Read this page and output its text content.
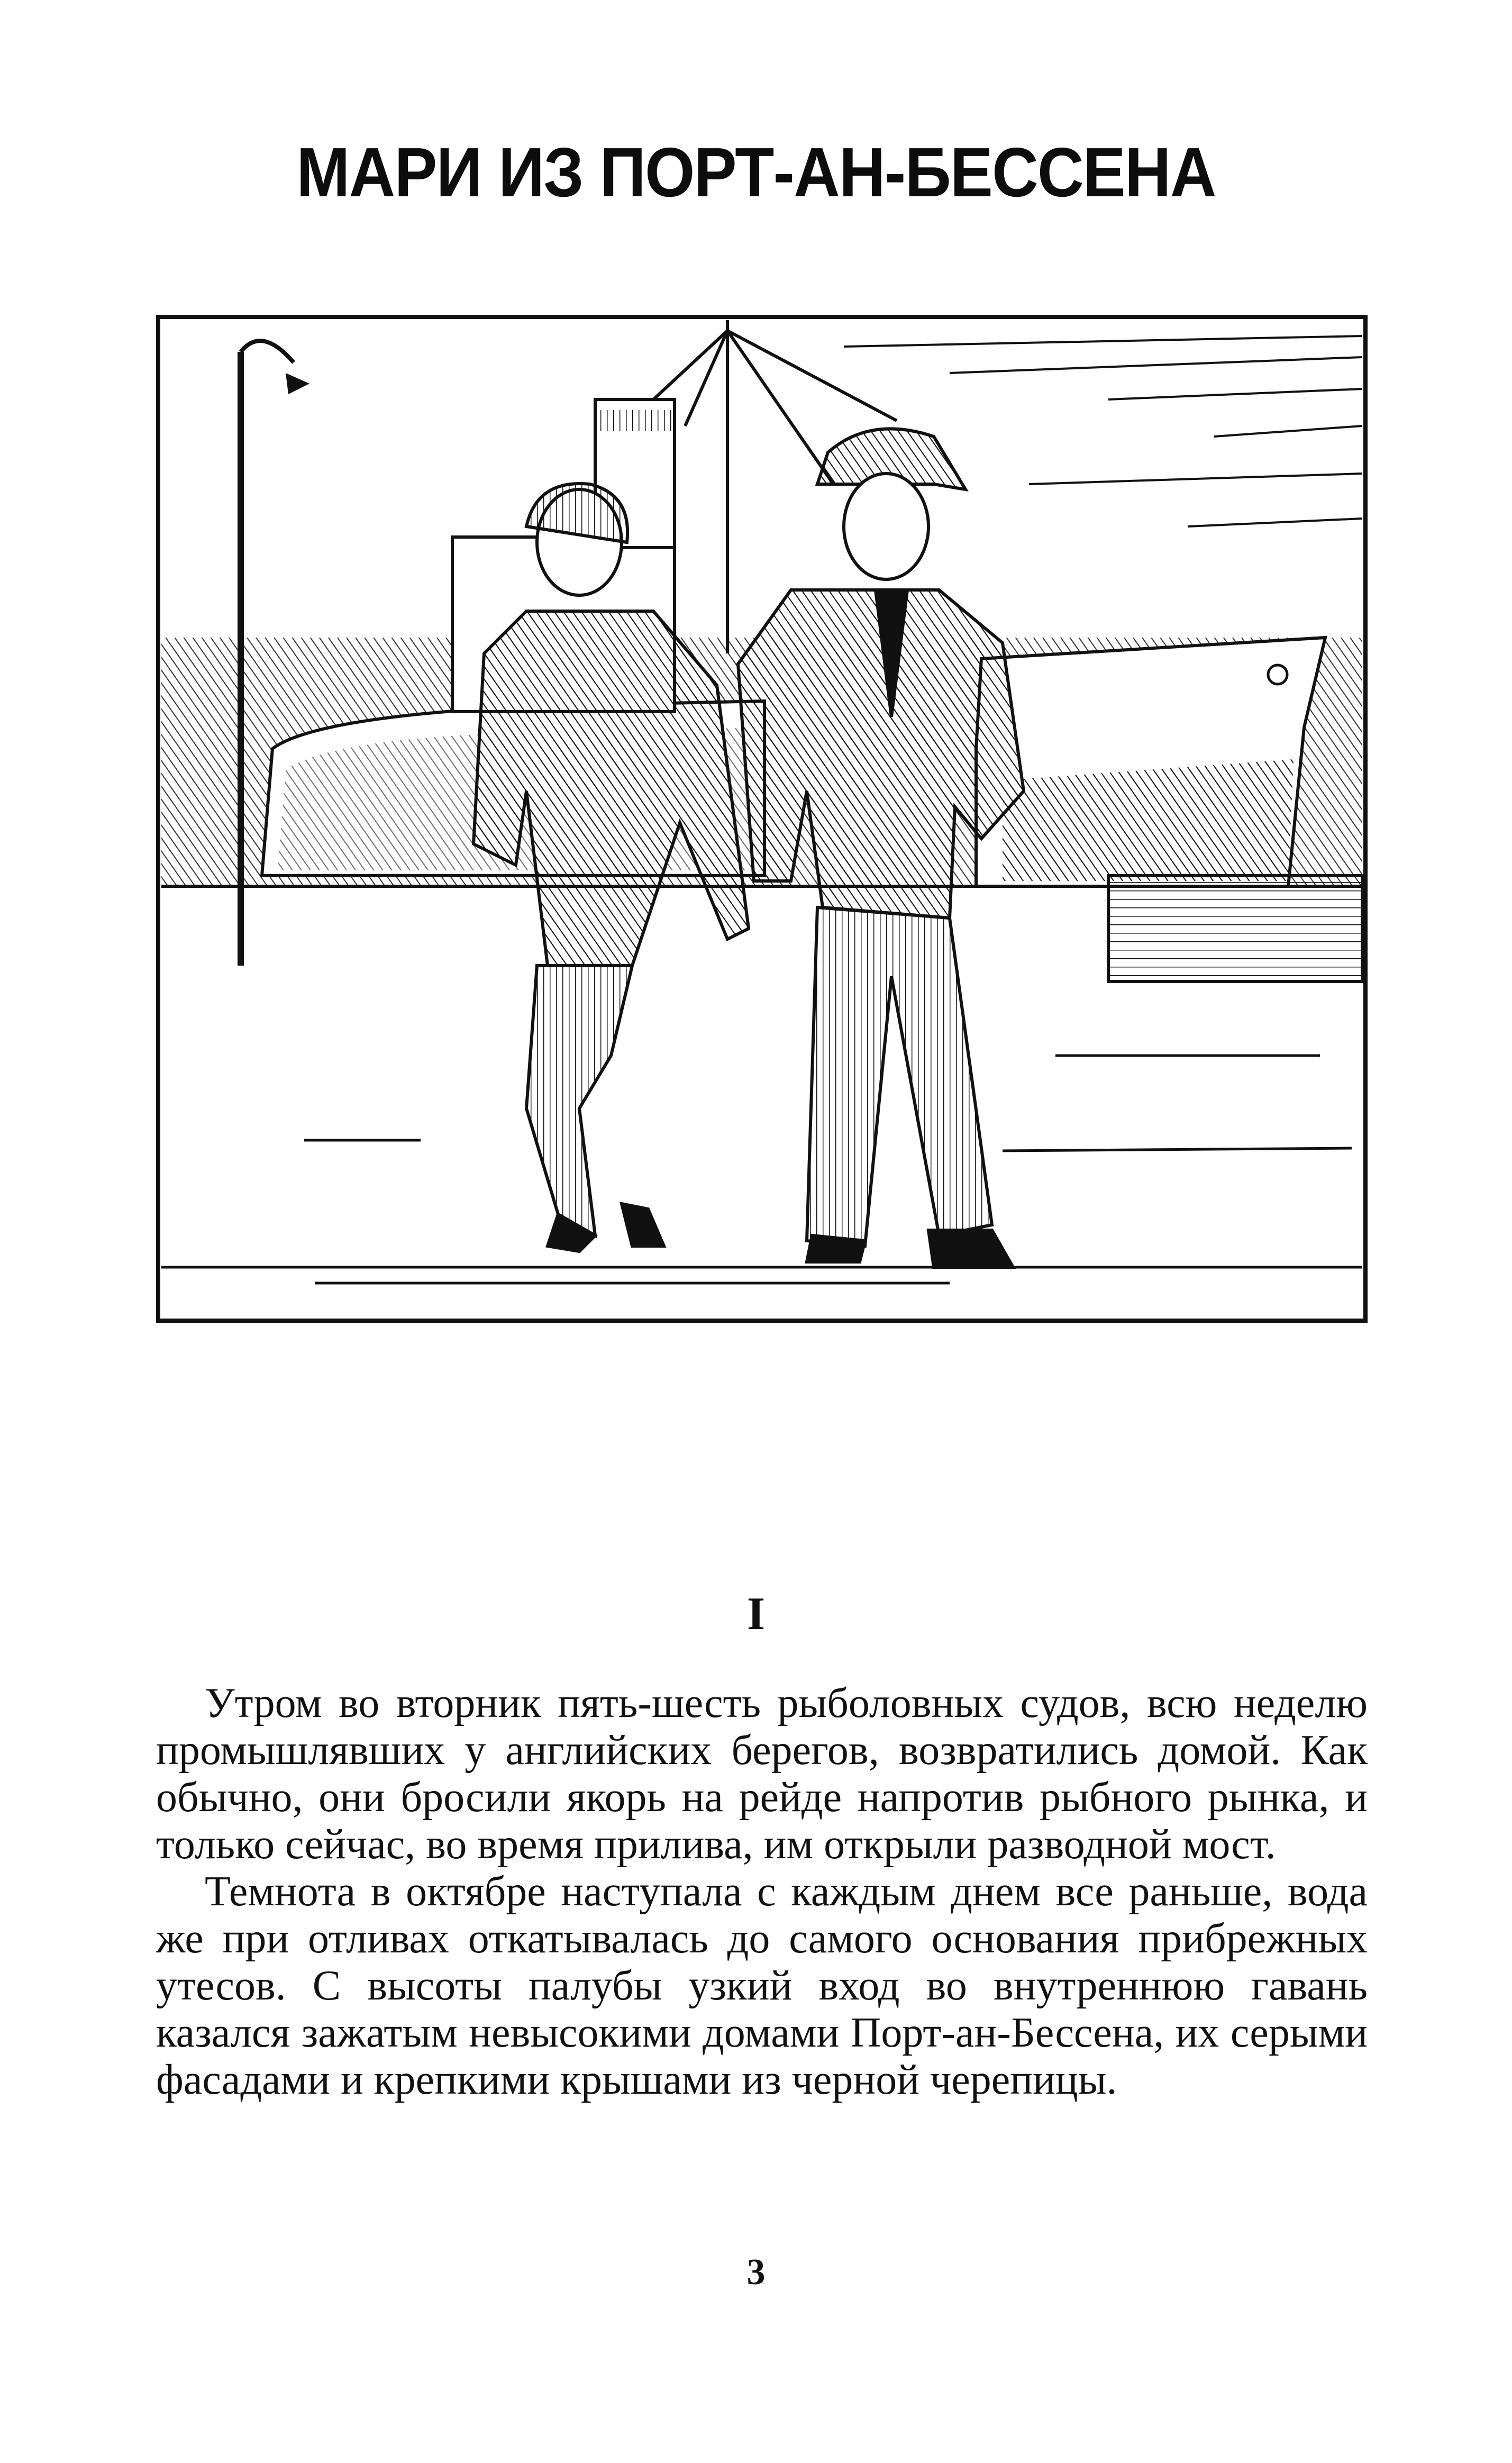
МАРИ ИЗ ПОРТ-АН-БЕССЕНА
I

Утром во вторник пять-шесть рыболовных судов, всю неделю промышлявших у английских берегов, возвратились домой. Как обычно, они бросили якорь на рейде напротив рыбного рынка, и только сейчас, во время прилива, им открыли разводной мост.

Темнота в октябре наступала с каждым днем все раньше, вода же при отливах откатывалась до самого основания прибрежных утесов. С высоты палубы узкий вход во внутреннюю гавань казался зажатым невысокими домами Порт-ан-Бессена, их серыми фасадами и крепкими крышами из черной черепицы.

3
